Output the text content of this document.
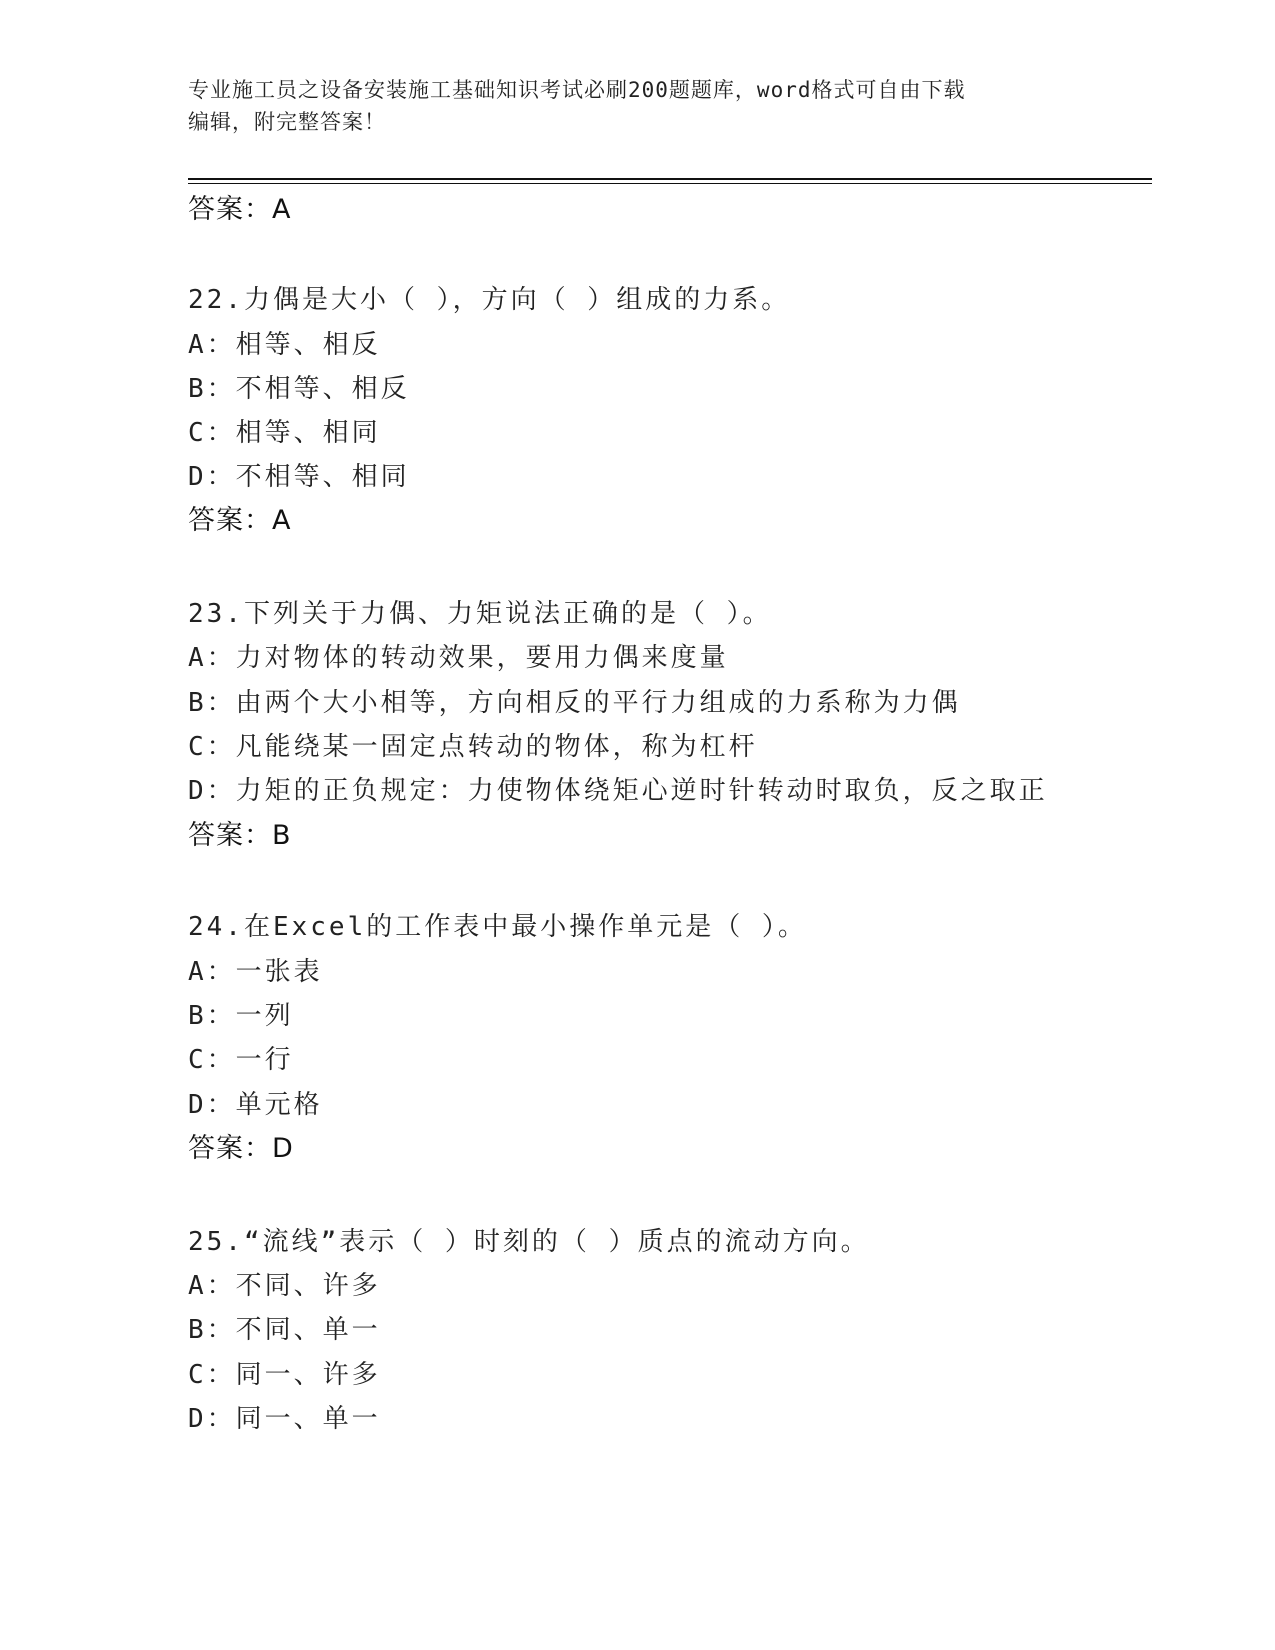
专业施工员之设备安装施工基础知识考试必刷200题题库，word格式可自由下载
编辑，附完整答案！
答案：A
22.力偶是大小（ ），方向（ ）组成的力系。
A：相等、相反
B：不相等、相反
C：相等、相同
D：不相等、相同
答案：A
23.下列关于力偶、力矩说法正确的是（ ）。
A：力对物体的转动效果，要用力偶来度量
B：由两个大小相等，方向相反的平行力组成的力系称为力偶
C：凡能绕某一固定点转动的物体，称为杠杆
D：力矩的正负规定：力使物体绕矩心逆时针转动时取负，反之取正
答案：B
24.在Excel的工作表中最小操作单元是（ ）。
A：一张表
B：一列
C：一行
D：单元格
答案：D
25.“流线”表示（ ）时刻的（ ）质点的流动方向。
A：不同、许多
B：不同、单一
C：同一、许多
D：同一、单一
